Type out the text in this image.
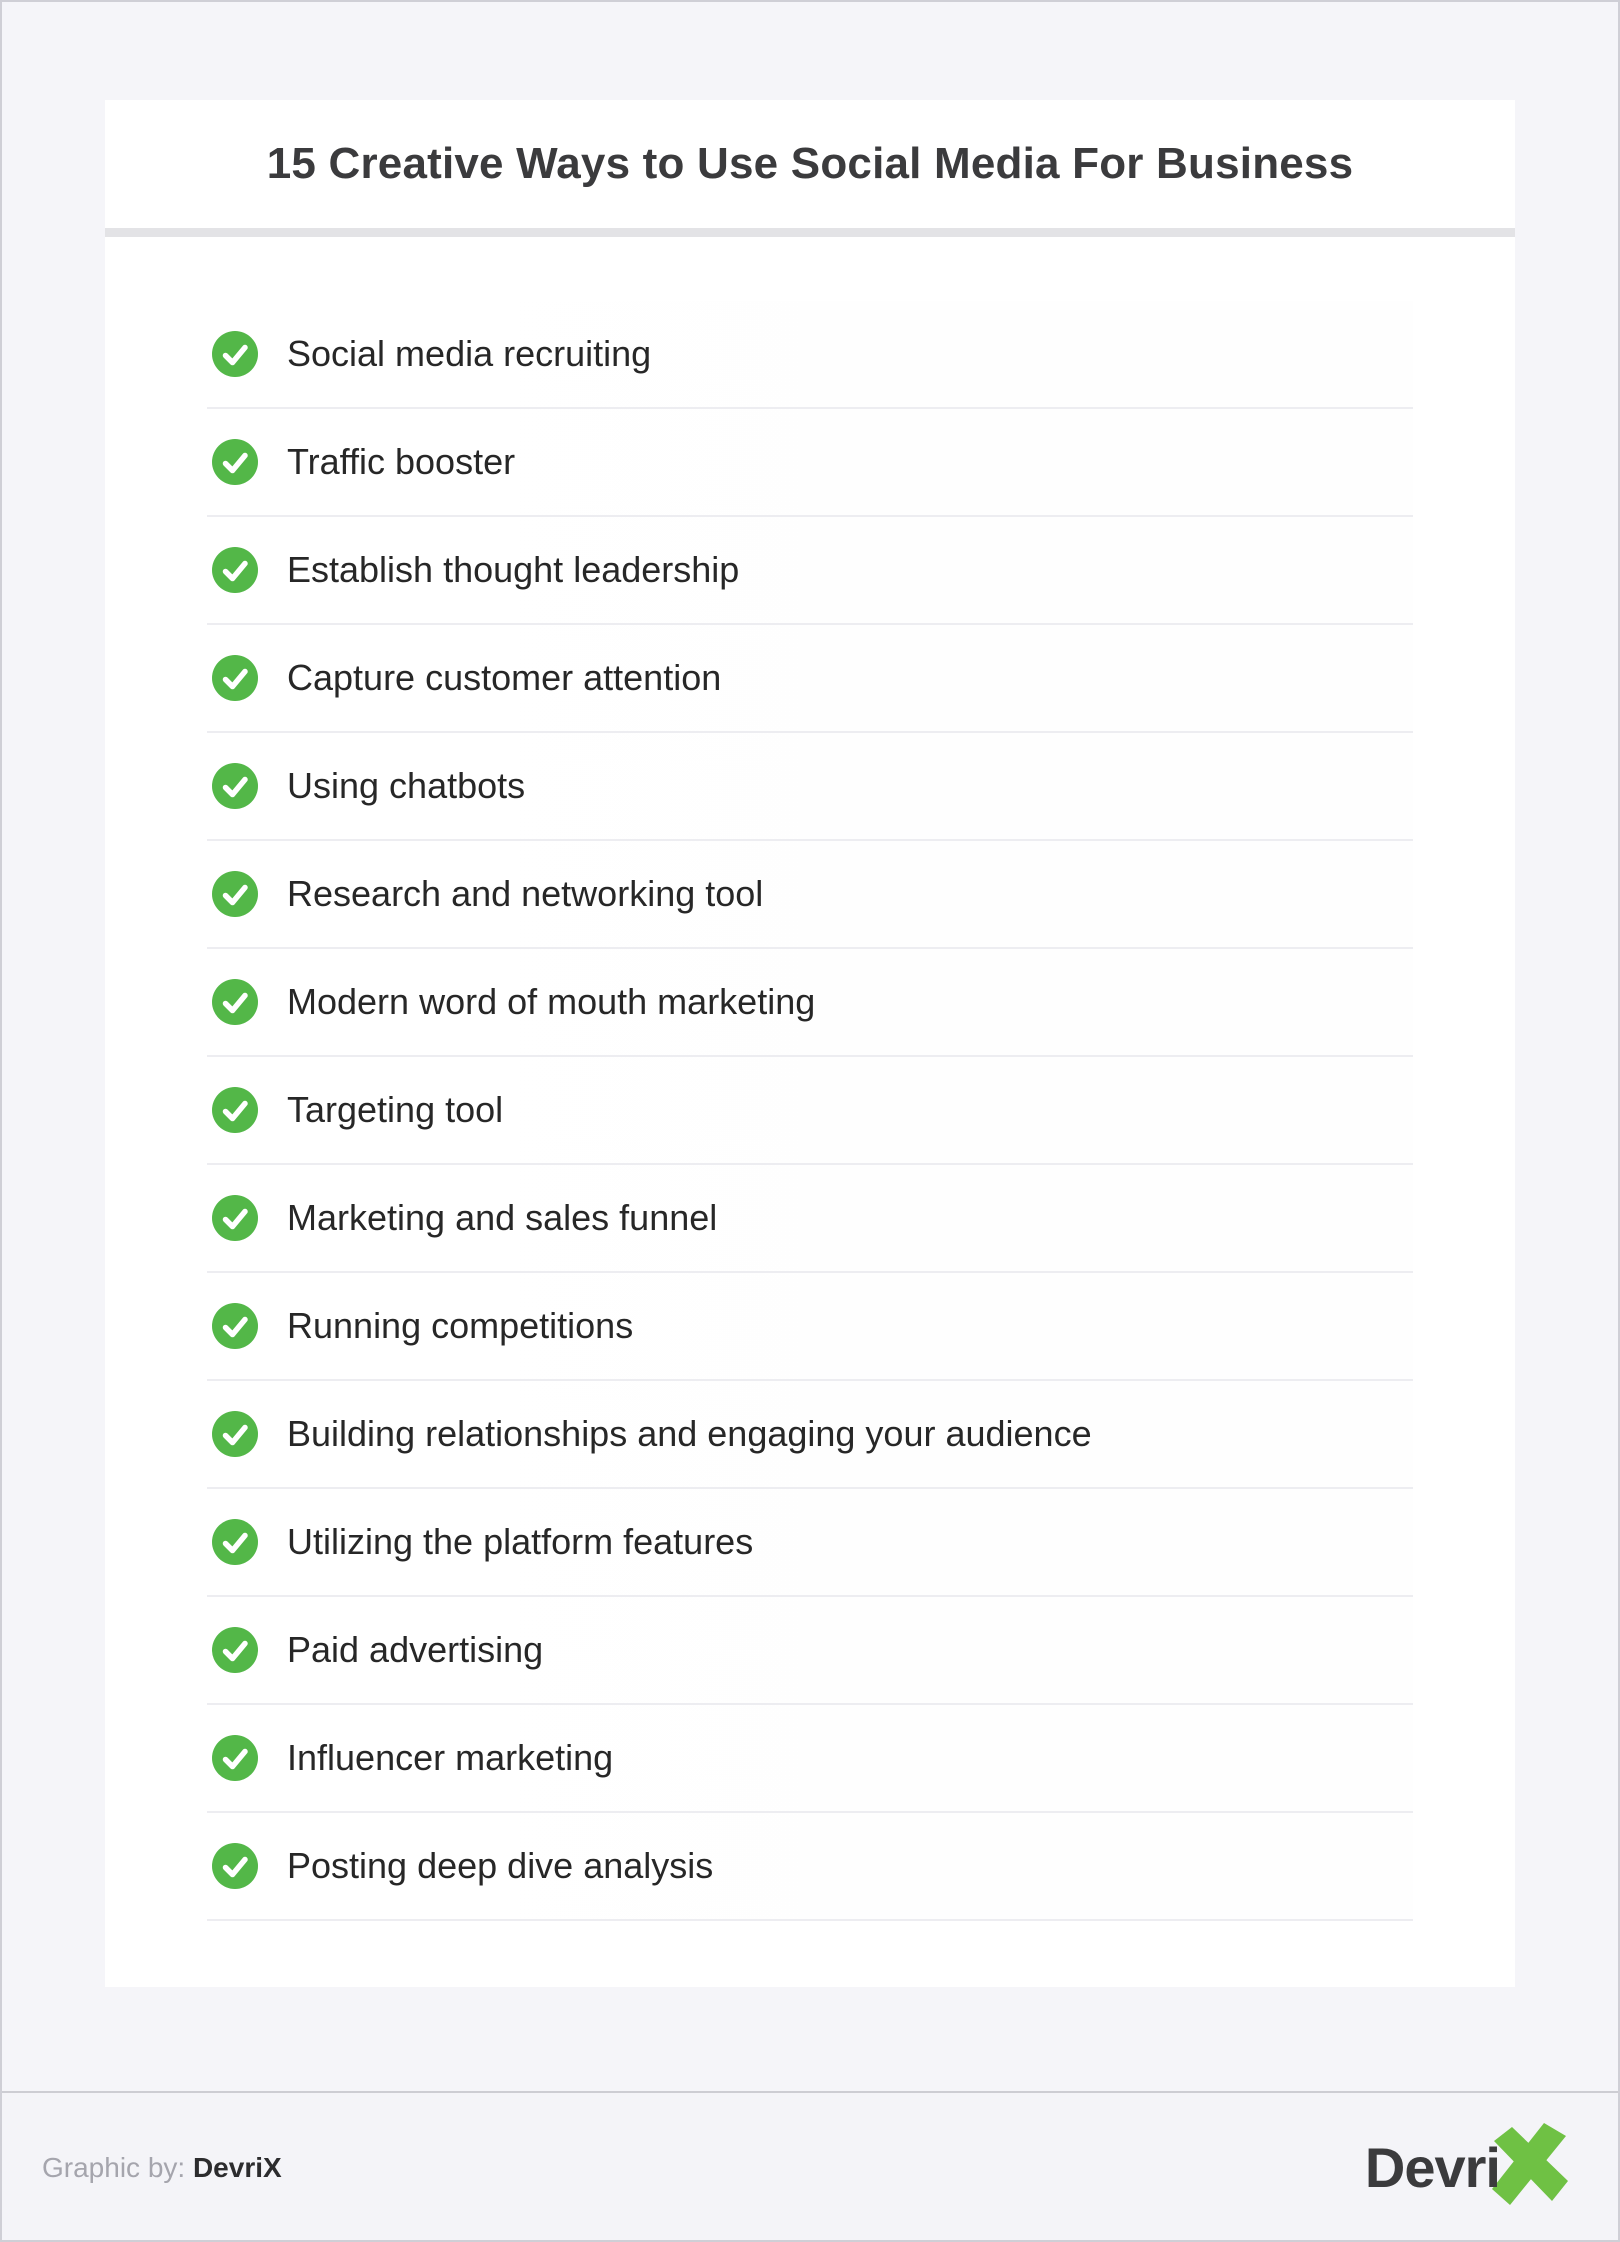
15 Creative Ways to Use Social Media For Business
Social media recruiting
Traffic booster
Establish thought leadership
Capture customer attention
Using chatbots
Research and networking tool
Modern word of mouth marketing
Targeting tool
Marketing and sales funnel
Running competitions
Building relationships and engaging your audience
Utilizing the platform features
Paid advertising
Influencer marketing
Posting deep dive analysis
Graphic by: DevriX	Devri
